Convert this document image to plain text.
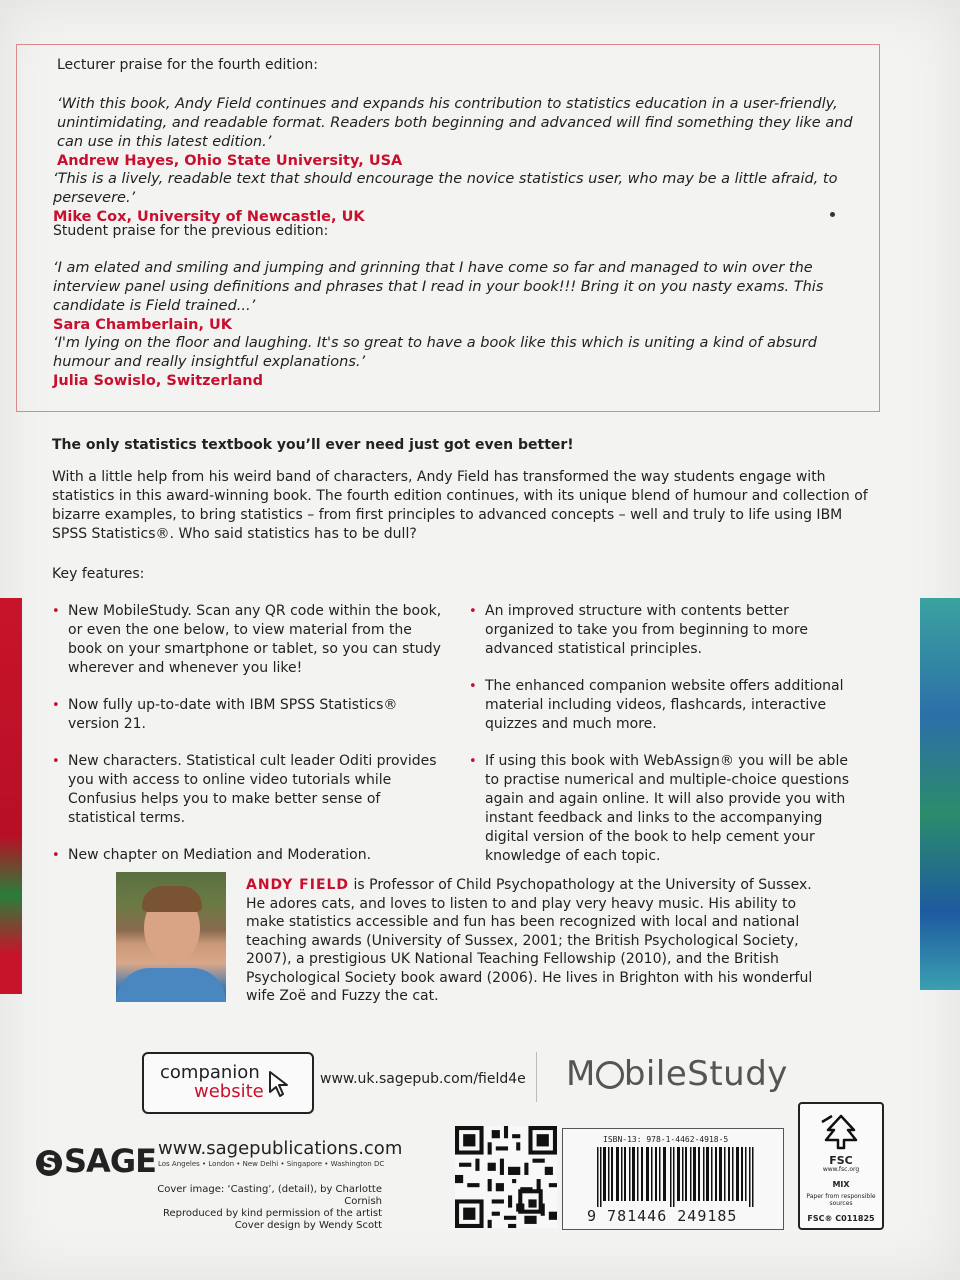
Lecturer praise for the fourth edition:

‘With this book, Andy Field continues and expands his contribution to statistics education in a user-friendly, unintimidating, and readable format. Readers both beginning and advanced will find something they like and can use in this latest edition.’

Andrew Hayes, Ohio State University, USA

‘This is a lively, readable text that should encourage the novice statistics user, who may be a little afraid, to persevere.’

Mike Cox, University of Newcastle, UK

Student praise for the previous edition:

‘I am elated and smiling and jumping and grinning that I have come so far and managed to win over the interview panel using definitions and phrases that I read in your book!!! Bring it on you nasty exams. This candidate is Field trained...’

Sara Chamberlain, UK

‘I'm lying on the floor and laughing. It's so great to have a book like this which is uniting a kind of absurd humour and really insightful explanations.’

Julia Sowislo, Switzerland

The only statistics textbook you’ll ever need just got even better!
With a little help from his weird band of characters, Andy Field has transformed the way students engage with statistics in this award-winning book. The fourth edition continues, with its unique blend of humour and collection of bizarre examples, to bring statistics – from first principles to advanced concepts – well and truly to life using IBM SPSS Statistics®. Who said statistics has to be dull?
Key features:
• New MobileStudy. Scan any QR code within the book, or even the one below, to view material from the book on your smartphone or tablet, so you can study wherever and whenever you like!
• Now fully up-to-date with IBM SPSS Statistics® version 21.
• New characters. Statistical cult leader Oditi provides you with access to online video tutorials while Confusius helps you to make better sense of statistical terms.
• New chapter on Mediation and Moderation.
• An improved structure with contents better organized to take you from beginning to more advanced statistical principles.
• The enhanced companion website offers additional material including videos, flashcards, interactive quizzes and much more.
• If using this book with WebAssign® you will be able to practise numerical and multiple-choice questions again and again online. It will also provide you with instant feedback and links to the accompanying digital version of the book to help cement your knowledge of each topic.
ANDY FIELD is Professor of Child Psychopathology at the University of Sussex. He adores cats, and loves to listen to and play very heavy music. His ability to make statistics accessible and fun has been recognized with local and national teaching awards (University of Sussex, 2001; the British Psychological Society, 2007), a prestigious UK National Teaching Fellowship (2010), and the British Psychological Society book award (2006). He lives in Brighton with his wonderful wife Zoë and Fuzzy the cat.
companion
website
www.uk.sagepub.com/field4e M bileStudy
S SAGE www.sagepublications.com
Los Angeles • London • New Delhi • Singapore • Washington DC
Cover image: ‘Casting’, (detail), by Charlotte Cornish
Reproduced by kind permission of the artist
Cover design by Wendy Scott
ISBN-13: 978-1-4462-4918-5
9 781446 249185
FSC
www.fsc.org
MIX
Paper from responsible sources
FSC® C011825
